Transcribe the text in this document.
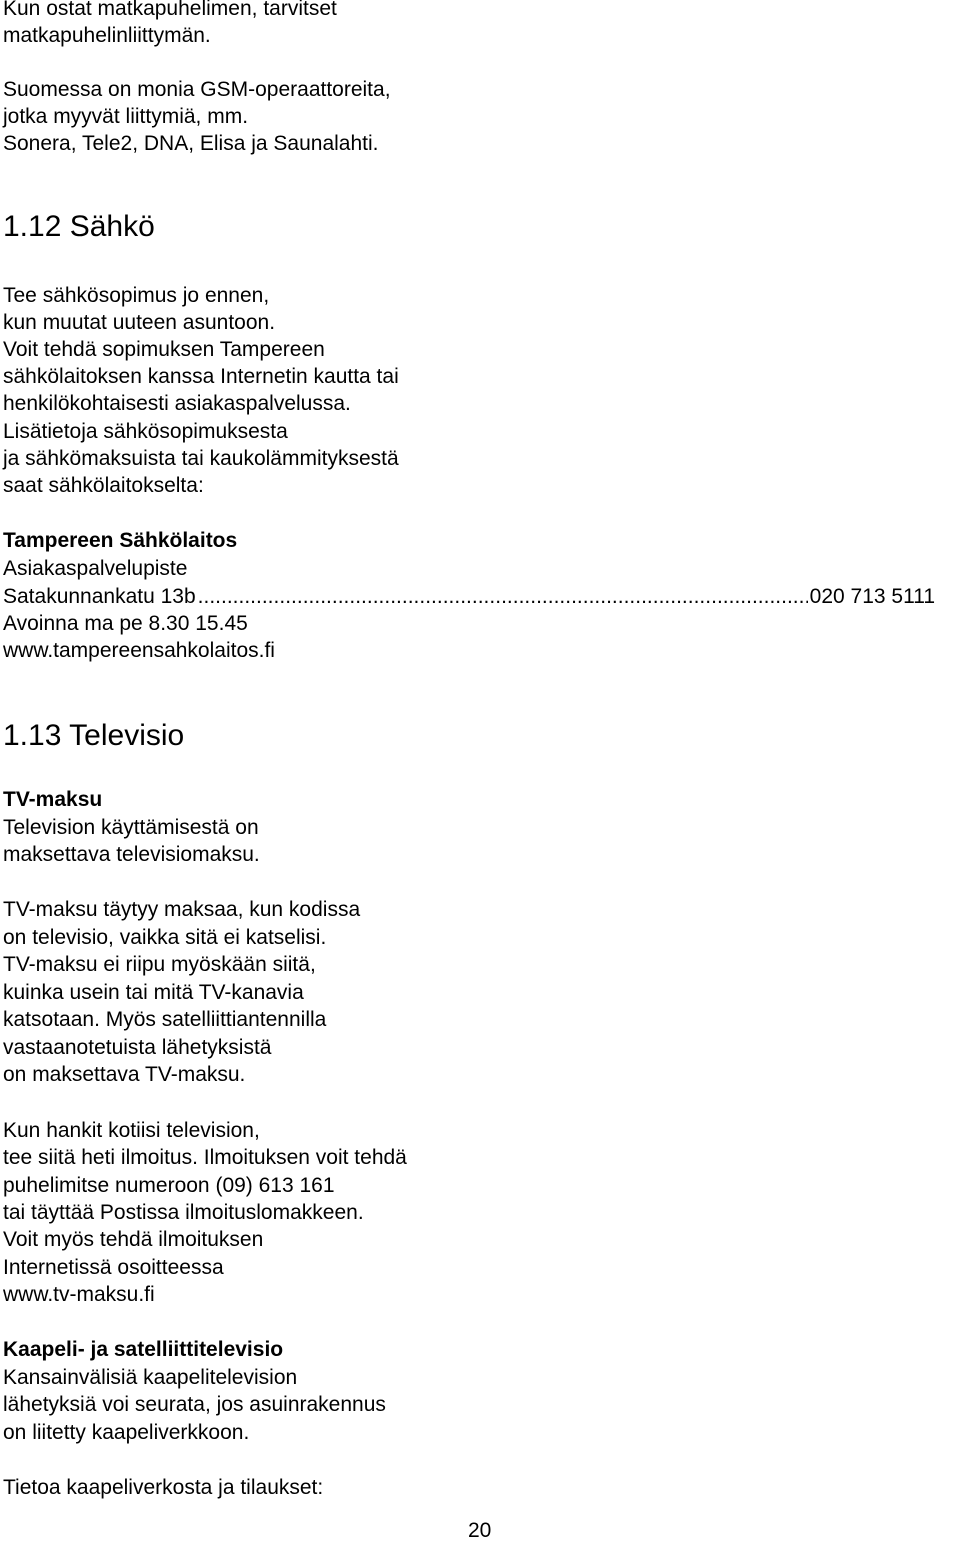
Kun ostat matkapuhelimen, tarvitset
matkapuhelinliittymän.
Suomessa on monia GSM-operaattoreita,
jotka myyvät liittymiä, mm.
Sonera, Tele2, DNA, Elisa ja Saunalahti.
1.12 Sähkö
Tee sähkösopimus jo ennen,
kun muutat uuteen asuntoon.
Voit tehdä sopimuksen Tampereen
sähkölaitoksen kanssa Internetin kautta tai
henkilökohtaisesti asiakaspalvelussa.
Lisätietoja sähkösopimuksesta
ja sähkömaksuista tai kaukolämmityksestä
saat sähkölaitokselta:
Tampereen Sähkölaitos
Asiakaspalvelupiste
Satakunnankatu 13b
.....	020 713 5111
Avoinna ma pe 8.30 15.45
www.tampereensahkolaitos.fi
1.13 Televisio
TV-maksu
Television käyttämisestä on
maksettava televisiomaksu.
TV-maksu täytyy maksaa, kun kodissa
on televisio, vaikka sitä ei katselisi.
TV-maksu ei riipu myöskään siitä,
kuinka usein tai mitä TV-kanavia
katsotaan. Myös satelliittiantennilla
vastaanotetuista lähetyksistä
on maksettava TV-maksu.
Kun hankit kotiisi television,
tee siitä heti ilmoitus. Ilmoituksen voit tehdä
puhelimitse numeroon (09) 613 161
tai täyttää Postissa ilmoituslomakkeen.
Voit myös tehdä ilmoituksen
Internetissä osoitteessa
www.tv-maksu.fi
Kaapeli- ja satelliittitelevisio
Kansainvälisiä kaapelitelevision
lähetyksiä voi seurata, jos asuinrakennus
on liitetty kaapeliverkkoon.
Tietoa kaapeliverkosta ja tilaukset:
20
